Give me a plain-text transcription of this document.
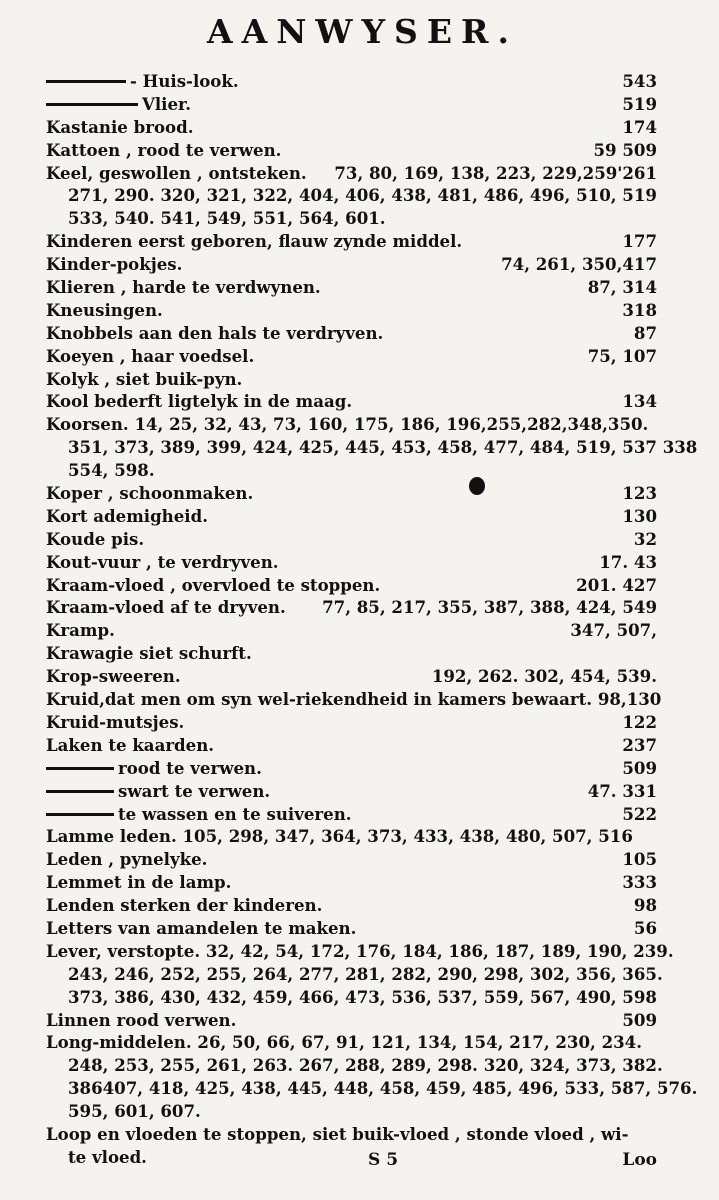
AANWYSER.
- Huis-look.	543
Vlier.	519
Kastanie brood.	174
Kattoen , rood te verwen.	59 509
Keel, geswollen , ontsteken. 73, 80, 169, 138, 223, 229,259'261
271, 290. 320, 321, 322, 404, 406, 438, 481, 486, 496, 510, 519
533, 540. 541, 549, 551, 564, 601.
Kinderen eerst geboren, flauw zynde middel.	177
Kinder-pokjes.	74, 261, 350,417
Klieren , harde te verdwynen.	87, 314
Kneusingen.	318
Knobbels aan den hals te verdryven.	87
Koeyen , haar voedsel.	75, 107
Kolyk , siet buik-pyn.
Kool bederft ligtelyk in de maag.	134
Koorsen. 14, 25, 32, 43, 73, 160, 175, 186, 196,255,282,348,350.
351, 373, 389, 399, 424, 425, 445, 453, 458, 477, 484, 519, 537 338
554, 598.
Koper , schoonmaken.	123
Kort ademigheid.	130
Koude pis.	32
Kout-vuur , te verdryven.	17. 43
Kraam-vloed , overvloed te stoppen.	201. 427
Kraam-vloed af te dryven. 77, 85, 217, 355, 387, 388, 424, 549
Kramp.	347, 507,
Krawagie siet schurft.
Krop-sweeren.	192, 262. 302, 454, 539.
Kruid,dat men om syn wel-riekendheid in kamers bewaart. 98,130
Kruid-mutsjes.	122
Laken te kaarden.	237
rood te verwen.	509
swart te verwen.	47. 331
te wassen en te suiveren.	522
Lamme leden. 105, 298, 347, 364, 373, 433, 438, 480, 507, 516
Leden , pynelyke.	105
Lemmet in de lamp.	333
Lenden sterken der kinderen.	98
Letters van amandelen te maken.	56
Lever, verstopte. 32, 42, 54, 172, 176, 184, 186, 187, 189, 190, 239.
243, 246, 252, 255, 264, 277, 281, 282, 290, 298, 302, 356, 365.
373, 386, 430, 432, 459, 466, 473, 536, 537, 559, 567, 490, 598
Linnen rood verwen.	509
Long-middelen. 26, 50, 66, 67, 91, 121, 134, 154, 217, 230, 234.
248, 253, 255, 261, 263. 267, 288, 289, 298. 320, 324, 373, 382.
386407, 418, 425, 438, 445, 448, 458, 459, 485, 496, 533, 587, 576.
595, 601, 607.
Loop en vloeden te stoppen, siet buik-vloed , stonde vloed , wi-
te vloed.	S 5	Loo
